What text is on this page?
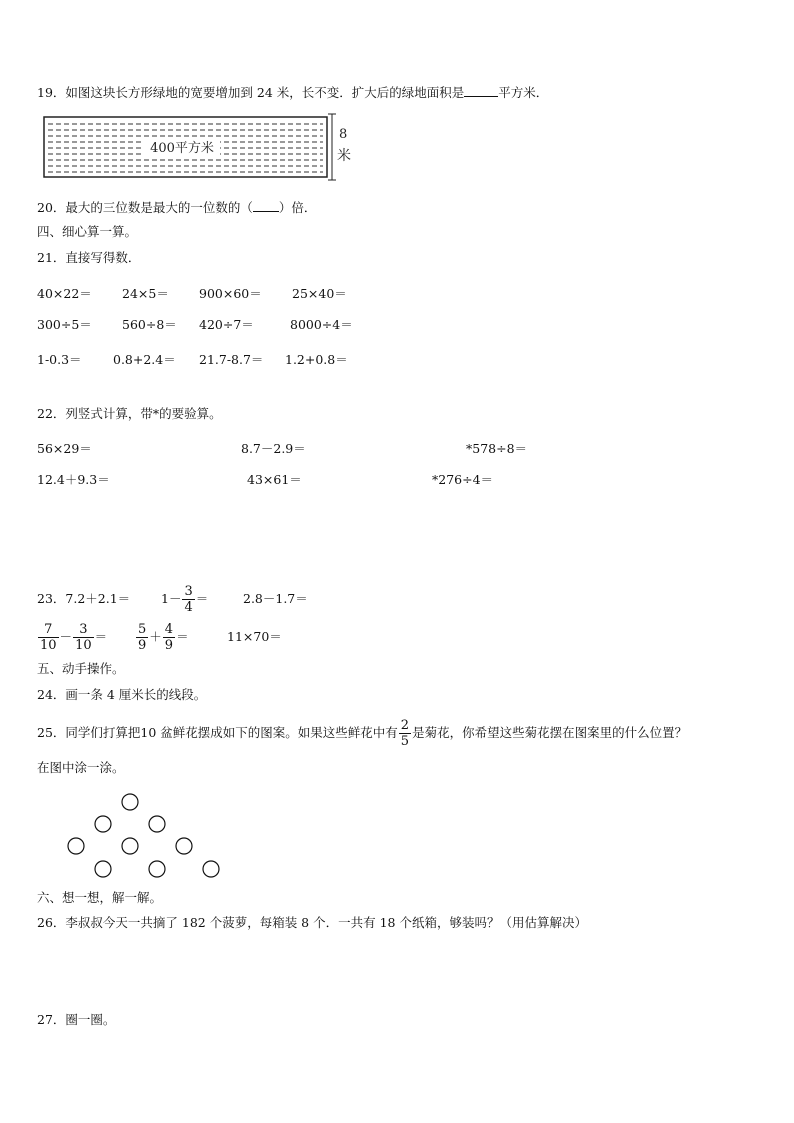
19．如图这块长方形绿地的宽要增加到 24 米，长不变．扩大后的绿地面积是	平方米．
400平方米
8
米
20．最大的三位数是最大的一位数的（ ）倍．
四、细心算一算。
21．直接写得数．
40×22＝ 24×5＝ 900×60＝ 25×40＝
300÷5＝ 560÷8＝ 420÷7＝	8000÷4＝
1-0.3＝	0.8+2.4＝ 21.7-8.7＝ 1.2+0.8＝
22．列竖式计算，带*的要验算。
56×29＝	8.7－2.9＝	*578÷8＝
12.4＋9.3＝	43×61＝	*276÷4＝
23．$7.2+2.1= 1- \frac{3}{4}$ ＝	2.8－1.7＝
$\frac{7}{10} - \frac{3}{10} = \frac{5}{9} + \frac{4}{9}$ ＝	11×70＝
五、动手操作。
24．画一条 4 厘米长的线段。
25．同学们打算把10 盆鲜花摆成如下的图案。如果这些鲜花中有 $\frac{2}{5}$ 是菊花，你希望这些菊花摆在图案里的什么位置？
在图中涂一涂。
六、想一想，解一解。
26．李叔叔今天一共摘了 182 个菠萝，每箱装 8 个．一共有 18 个纸箱，够装吗？（用估算解决）
27．圈一圈。
